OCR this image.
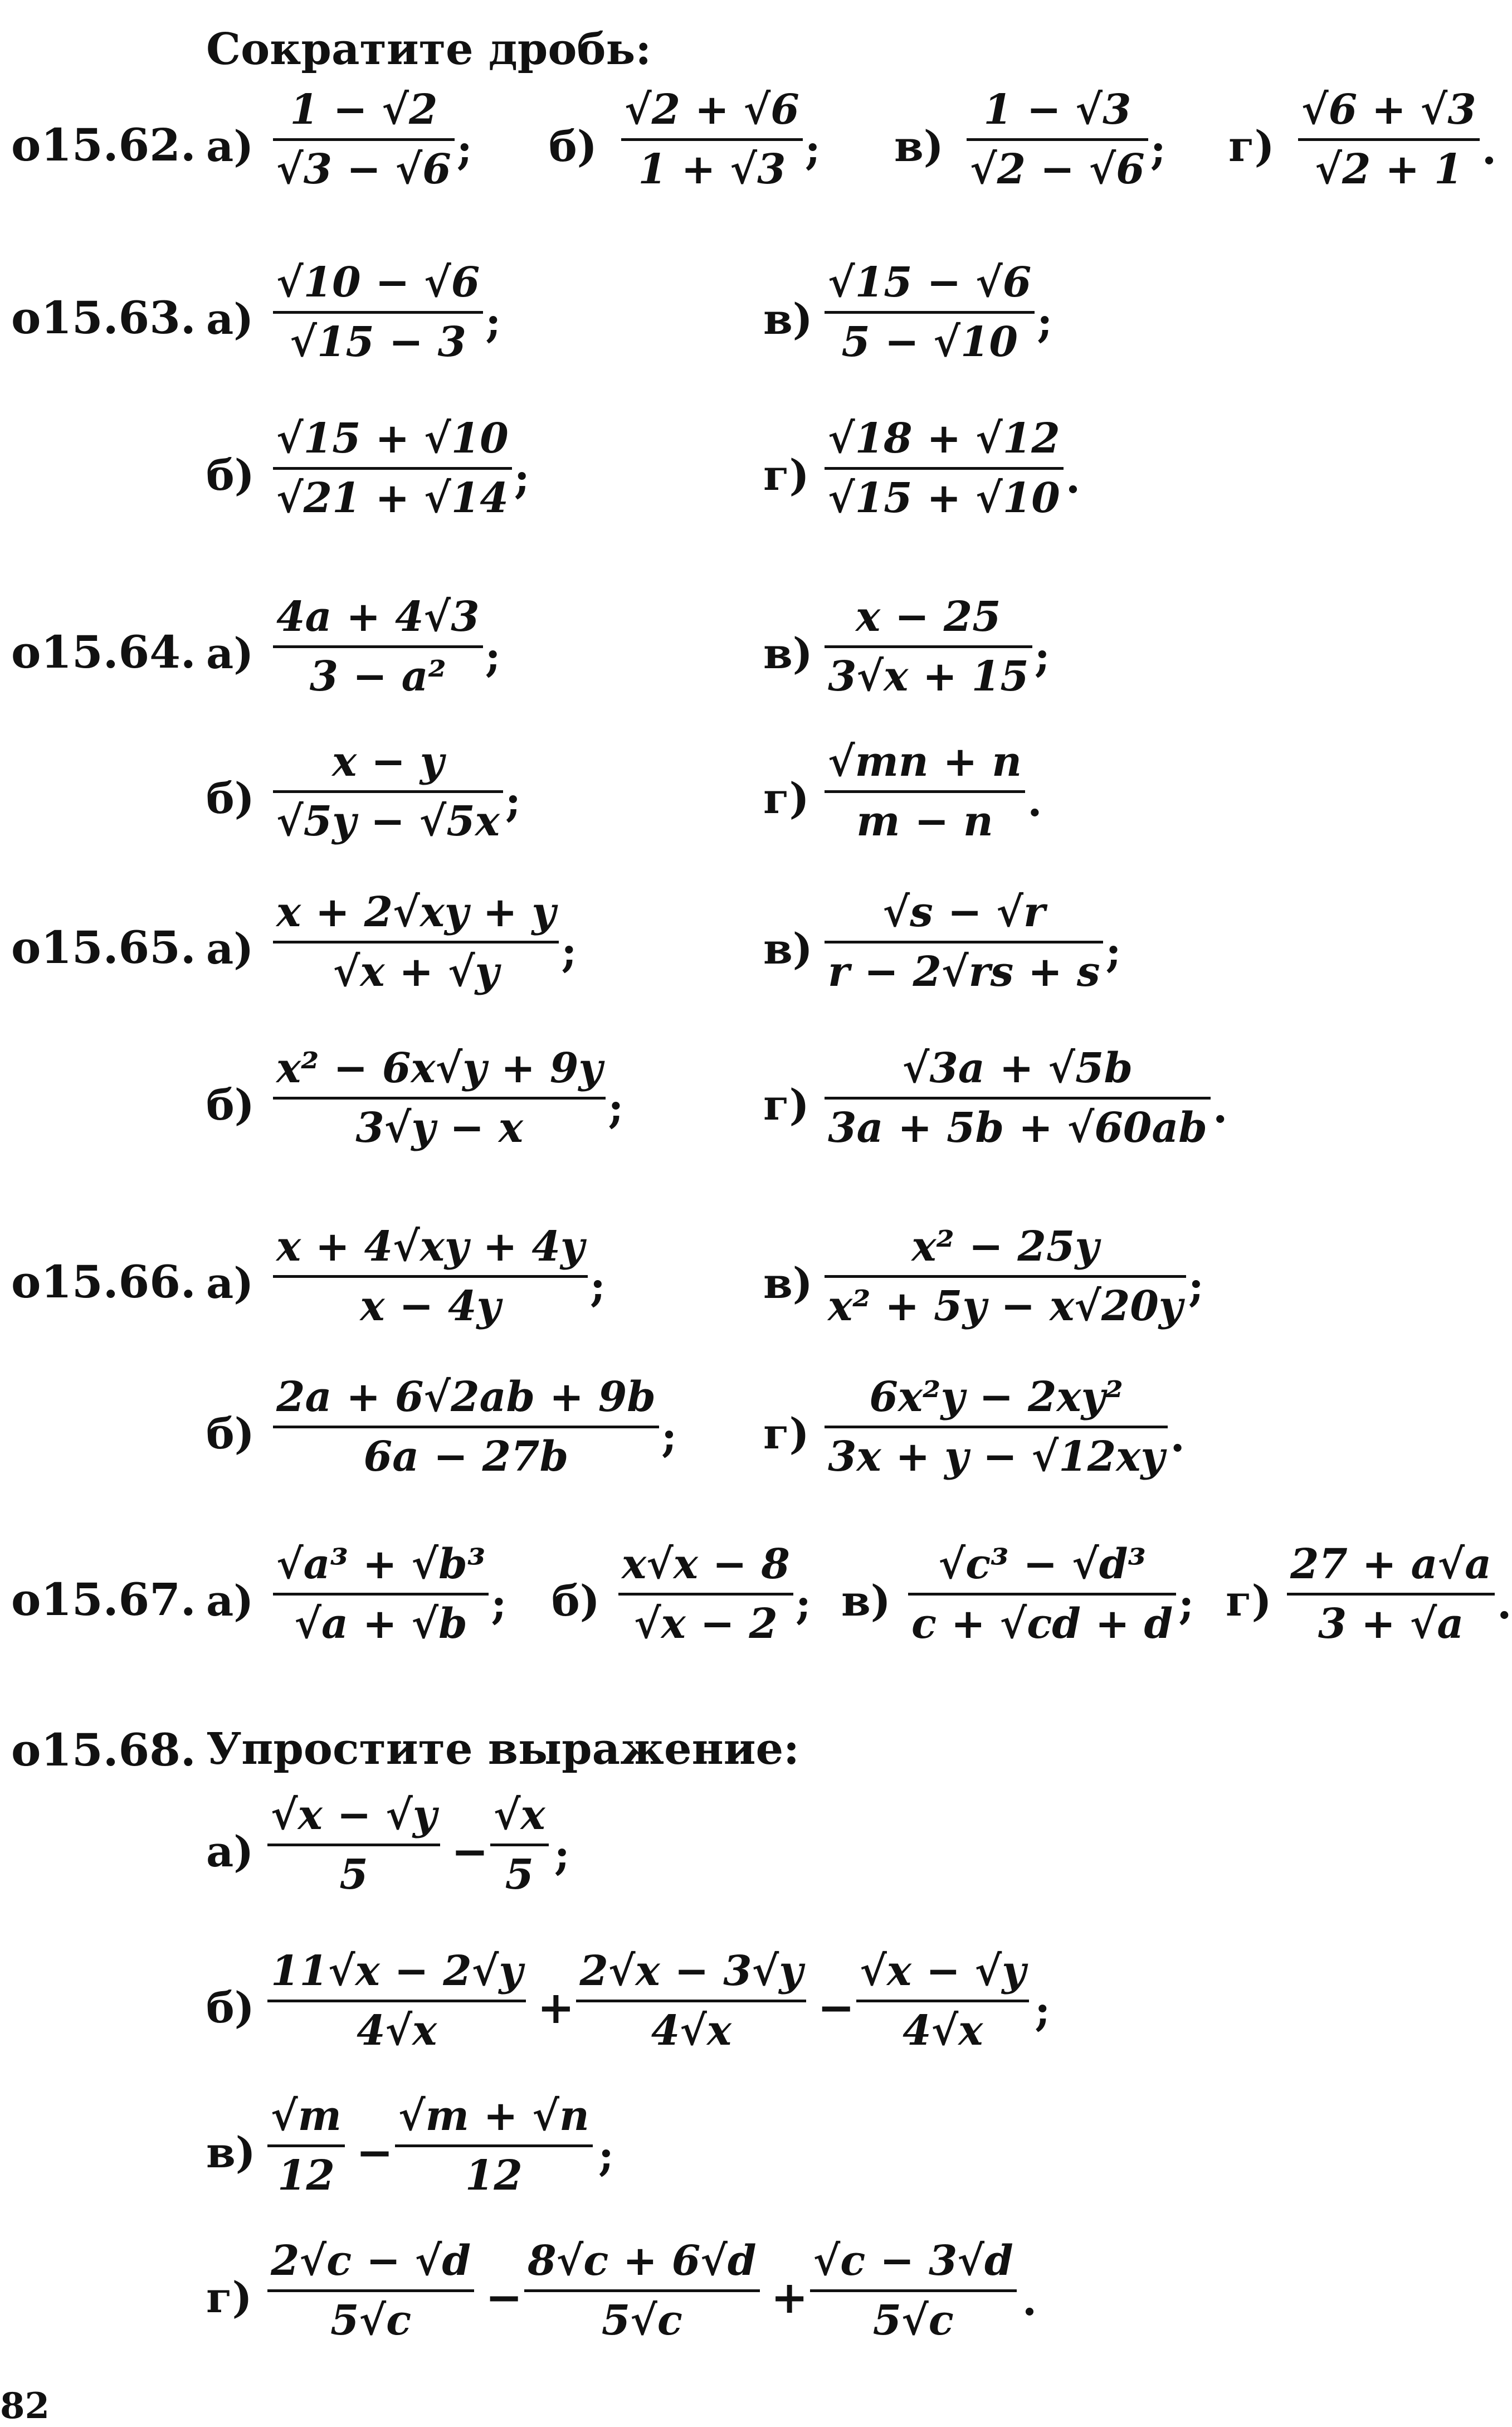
Сократите дробь:
o15.62. а)
1 − √2
√3 − √6 ; б)
√2 + √6
1 + √3 ; в)
1 − √3
√2 − √6 ; г)
√6 + √3
√2 + 1 .
o15.63. а)
√10 − √6
√15 − 3 ;	в)
√15 − √6
5 − √10 ;
б)
√15 + √10
√21 + √14 ;	г)
√18 + √12
√15 + √10 .
o15.64. а)
4a + 4√3
3 − a² ;	в)
x − 25
3√x + 15 ;
б)
x − y
√5y − √5x ;	г)
√mn + n
m − n .
o15.65. а)
x + 2√xy + y
√x + √y ;	в)
√s − √r
r − 2√rs + s ;
б)
x² − 6x√y + 9y
3√y − x ;	г)
√3a + √5b
3a + 5b + √60ab .
o15.66. а)
x + 4√xy + 4y
x − 4y ;	в)
x² − 25y
x² + 5y − x√20y ;
б)
2a + 6√2ab + 9b
6a − 27b ; г)
6x²y − 2xy²
3x + y − √12xy .
o15.67. а)
√a³ + √b³
√a + √b ; б)
x√x − 8
√x − 2 ; в)
√c³ − √d³
c + √cd + d ; г)
27 + a√a
3 + √a .
o15.68. Упростите выражение:
а)
√x − √y
5 −
√x
5 ;
б)
11√x − 2√y
4√x +
2√x − 3√y
4√x −
√x − √y
4√x ;
в)
√m
12 −
√m + √n
12 ;
г)
2√c − √d
5√c −
8√c + 6√d
5√c +
√c − 3√d
5√c .
82
